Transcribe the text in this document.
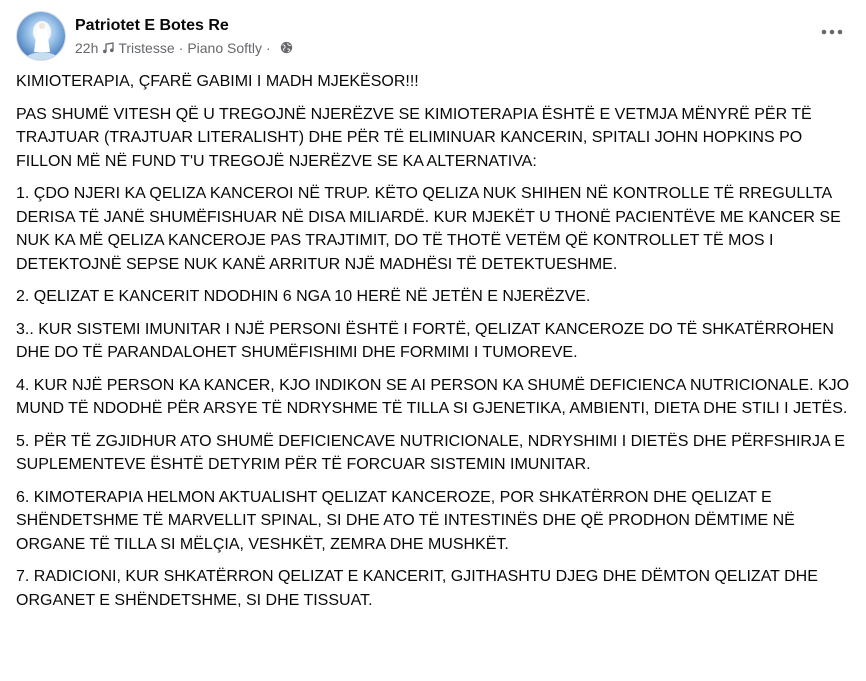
Patriotet E Botes Re
22h Tristesse · Piano Softly ·

KIMIOTERAPIA, ÇFARË GABIMI I MADH MJEKËSOR!!!

PAS SHUMË VITESH QË U TREGOJNË NJERËZVE SE KIMIOTERAPIA ËSHTË E VETMJA MËNYRË PËR TË TRAJTUAR (TRAJTUAR LITERALISHT) DHE PËR TË ELIMINUAR KANCERIN, SPITALI JOHN HOPKINS PO FILLON MË NË FUND T'U TREGOJË NJERËZVE SE KA ALTERNATIVA:

1. ÇDO NJERI KA QELIZA KANCEROI NË TRUP. KËTO QELIZA NUK SHIHEN NË KONTROLLE TË RREGULLTA DERISA TË JANË SHUMËFISHUAR NË DISA MILIARDË. KUR MJEKËT U THONË PACIENTËVE ME KANCER SE NUK KA MË QELIZA KANCEROJE PAS TRAJTIMIT, DO TË THOTË VETËM QË KONTROLLET TË MOS I DETEKTOJNË SEPSE NUK KANË ARRITUR NJË MADHËSI TË DETEKTUESHME.

2. QELIZAT E KANCERIT NDODHIN 6 NGA 10 HERË NË JETËN E NJERËZVE.

3.. KUR SISTEMI IMUNITAR I NJË PERSONI ËSHTË I FORTË, QELIZAT KANCEROZE DO TË SHKATËRROHEN DHE DO TË PARANDALOHET SHUMËFISHIMI DHE FORMIMI I TUMOREVE.

4. KUR NJË PERSON KA KANCER, KJO INDIKON SE AI PERSON KA SHUMË DEFICIENCA NUTRICIONALE. KJO MUND TË NDODHË PËR ARSYE TË NDRYSHME TË TILLA SI GJENETIKA, AMBIENTI, DIETA DHE STILI I JETËS.

5. PËR TË ZGJIDHUR ATO SHUMË DEFICIENCAVE NUTRICIONALE, NDRYSHIMI I DIETËS DHE PËRFSHIRJA E SUPLEMENTEVE ËSHTË DETYRIM PËR TË FORCUAR SISTEMIN IMUNITAR.

6. KIMOTERAPIA HELMON AKTUALISHT QELIZAT KANCEROZE, POR SHKATËRRON DHE QELIZAT E SHËNDETSHME TË MARVELLIT SPINAL, SI DHE ATO TË INTESTINËS DHE QË PRODHON DËMTIME NË ORGANE TË TILLA SI MËLÇIA, VESHKËT, ZEMRA DHE MUSHKËT.

7. RADICIONI, KUR SHKATËRRON QELIZAT E KANCERIT, GJITHASHTU DJEG DHE DËMTON QELIZAT DHE ORGANET E SHËNDETSHME, SI DHE TISSUAT.
